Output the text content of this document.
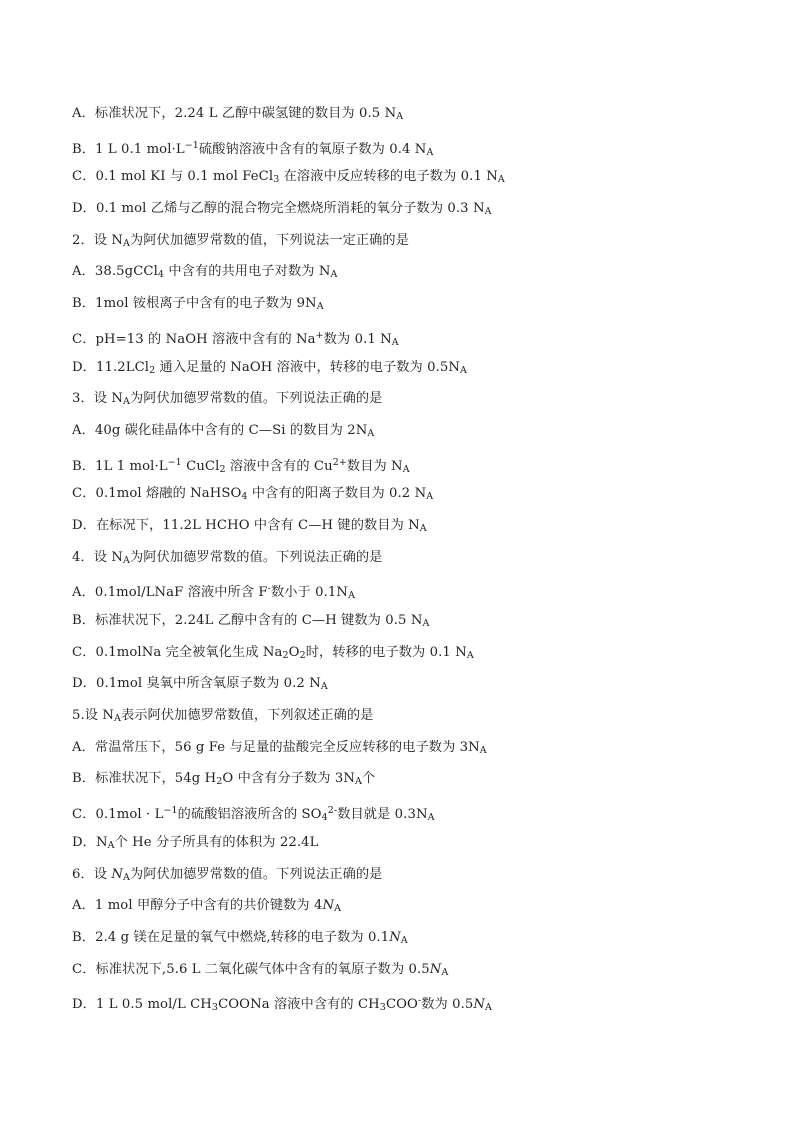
A．标准状况下，2.24 L 乙醇中碳氢键的数目为 0.5 $N_A$
B．1 L 0.1 $mol\cdot L^{-1}$硫酸钠溶液中含有的氧原子数为 0.4 $N_A$
C．0.1 mol KI 与 0.1 mol FeCl$_3$ 在溶液中反应转移的电子数为 0.1 $N_A$
D．0.1 mol 乙烯与乙醇的混合物完全燃烧所消耗的氧分子数为 0.3 $N_A$
2．设 $N_A$为阿伏加德罗常数的值，下列说法一定正确的是
A．38.5gCCl$_4$ 中含有的共用电子对数为 $N_A$
B．1mol 铵根离子中含有的电子数为 $9N_A$
C．pH=13 的 NaOH 溶液中含有的 Na+数为 0.1 $N_A$
D．11.2LCl$_2$ 通入足量的 NaOH 溶液中，转移的电子数为 $0.5N_A$
3．设 $N_A$为阿伏加德罗常数的值。下列说法正确的是
A．40g 碳化硅晶体中含有的 C—Si 的数目为 $2N_A$
B．1L 1 $mol\cdot L^{-1}$ CuCl$_2$ 溶液中含有的 $Cu^{2+}$数目为 $N_A$
C．0.1mol 熔融的 NaHSO$_4$ 中含有的阳离子数目为 0.2 $N_A$
D．在标况下，11.2L HCHO 中含有 C—H 键的数目为 $N_A$
4．设 $N_A$为阿伏加德罗常数的值。下列说法正确的是
A．0.1mol/LNaF 溶液中所含 F-数小于 $0.1N_A$
B．标准状况下，2.24L 乙醇中含有的 C—H 键数为 0.5 $N_A$
C．0.1molNa 完全被氧化生成 $Na_2O_2$时，转移的电子数为 0.1 $N_A$
D．0.1mol 臭氧中所含氧原子数为 0.2 $N_A$
5.设 $N_A$表示阿伏加德罗常数值，下列叙述正确的是
A．常温常压下，56 g Fe 与足量的盐酸完全反应转移的电子数为 $3N_A$
B．标准状况下，54g $H_2O$ 中含有分子数为 $3N_A$个
C．$0.1mol \cdot L^{-1}$的硫酸铝溶液所含的 $SO_4^{2-}$数目就是 $0.3N_A$
D．$N_A$个 He 分子所具有的体积为 22.4L
6．设 $N_A$为阿伏加德罗常数的值。下列说法正确的是
A．1 mol 甲醇分子中含有的共价键数为 $4N_A$
B．2.4 g 镁在足量的氧气中燃烧,转移的电子数为 $0.1N_A$
C．标准状况下,5.6 L 二氧化碳气体中含有的氧原子数为 $0.5N_A$
D．1 L 0.5 mol/L $CH_3COONa$ 溶液中含有的 $CH_3COO^-$数为 $0.5N_A$
